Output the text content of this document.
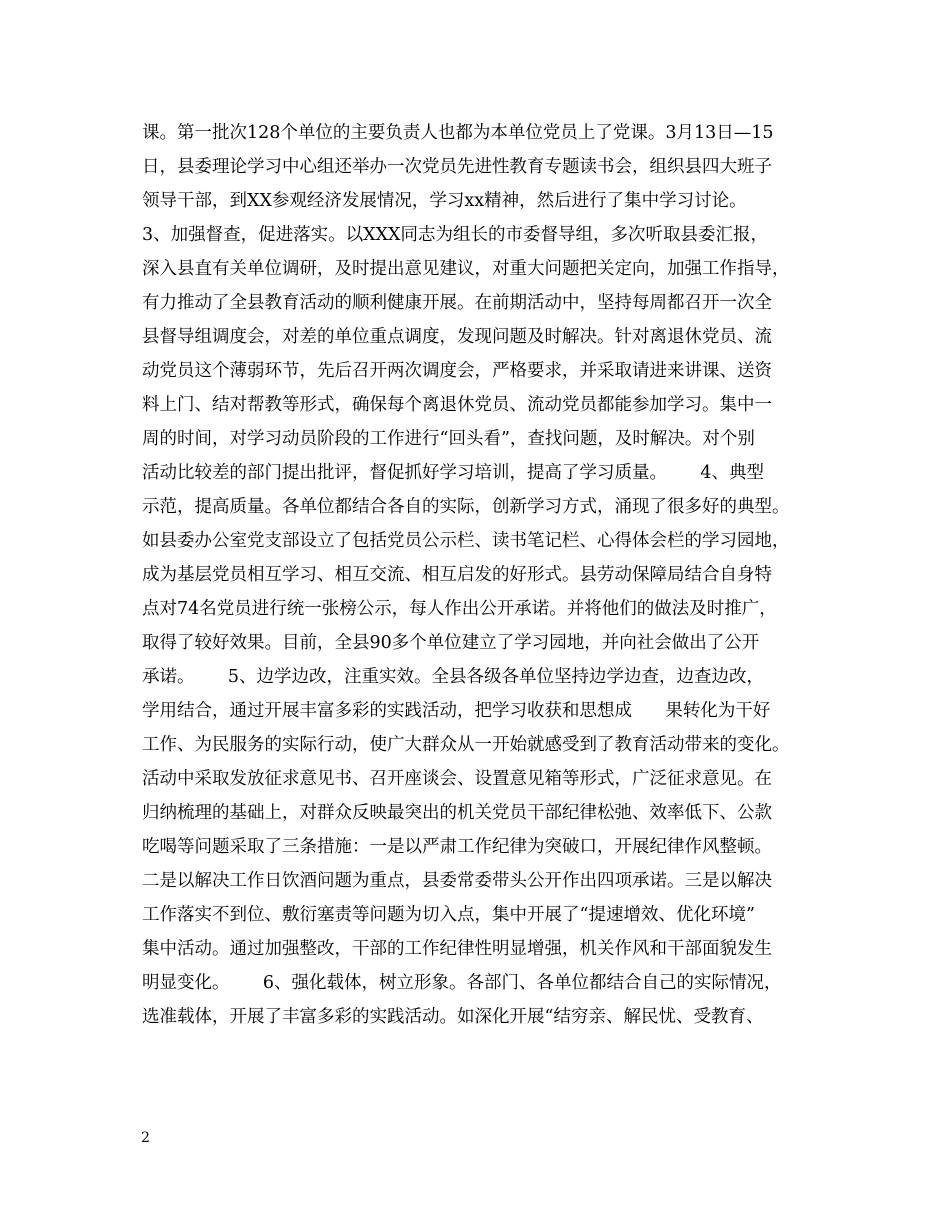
课。第一批次128个单位的主要负责人也都为本单位党员上了党课。3月13日—15
日，县委理论学习中心组还举办一次党员先进性教育专题读书会，组织县四大班子
领导干部，到XX参观经济发展情况，学习xx精神，然后进行了集中学习讨论。
3、加强督查，促进落实。以XXX同志为组长的市委督导组，多次听取县委汇报，
深入县直有关单位调研，及时提出意见建议，对重大问题把关定向，加强工作指导，
有力推动了全县教育活动的顺利健康开展。在前期活动中，坚持每周都召开一次全
县督导组调度会，对差的单位重点调度，发现问题及时解决。针对离退休党员、流
动党员这个薄弱环节，先后召开两次调度会，严格要求，并采取请进来讲课、送资
料上门、结对帮教等形式，确保每个离退休党员、流动党员都能参加学习。集中一
周的时间，对学习动员阶段的工作进行“回头看”，查找问题，及时解决。对个别
活动比较差的部门提出批评，督促抓好学习培训，提高了学习质量。      4、典型
示范，提高质量。各单位都结合各自的实际，创新学习方式，涌现了很多好的典型。
如县委办公室党支部设立了包括党员公示栏、读书笔记栏、心得体会栏的学习园地，
成为基层党员相互学习、相互交流、相互启发的好形式。县劳动保障局结合自身特
点对74名党员进行统一张榜公示，每人作出公开承诺。并将他们的做法及时推广，
取得了较好效果。目前，全县90多个单位建立了学习园地，并向社会做出了公开
承诺。      5、边学边改，注重实效。全县各级各单位坚持边学边查，边查边改，
学用结合，通过开展丰富多彩的实践活动，把学习收获和思想成      果转化为干好
工作、为民服务的实际行动，使广大群众从一开始就感受到了教育活动带来的变化。
活动中采取发放征求意见书、召开座谈会、设置意见箱等形式，广泛征求意见。在
归纳梳理的基础上，对群众反映最突出的机关党员干部纪律松弛、效率低下、公款
吃喝等问题采取了三条措施：一是以严肃工作纪律为突破口，开展纪律作风整顿。
二是以解决工作日饮酒问题为重点，县委常委带头公开作出四项承诺。三是以解决
工作落实不到位、敷衍塞责等问题为切入点，集中开展了“提速增效、优化环境”
集中活动。通过加强整改，干部的工作纪律性明显增强，机关作风和干部面貌发生
明显变化。      6、强化载体，树立形象。各部门、各单位都结合自己的实际情况，
选准载体，开展了丰富多彩的实践活动。如深化开展“结穷亲、解民忧、受教育、
2
